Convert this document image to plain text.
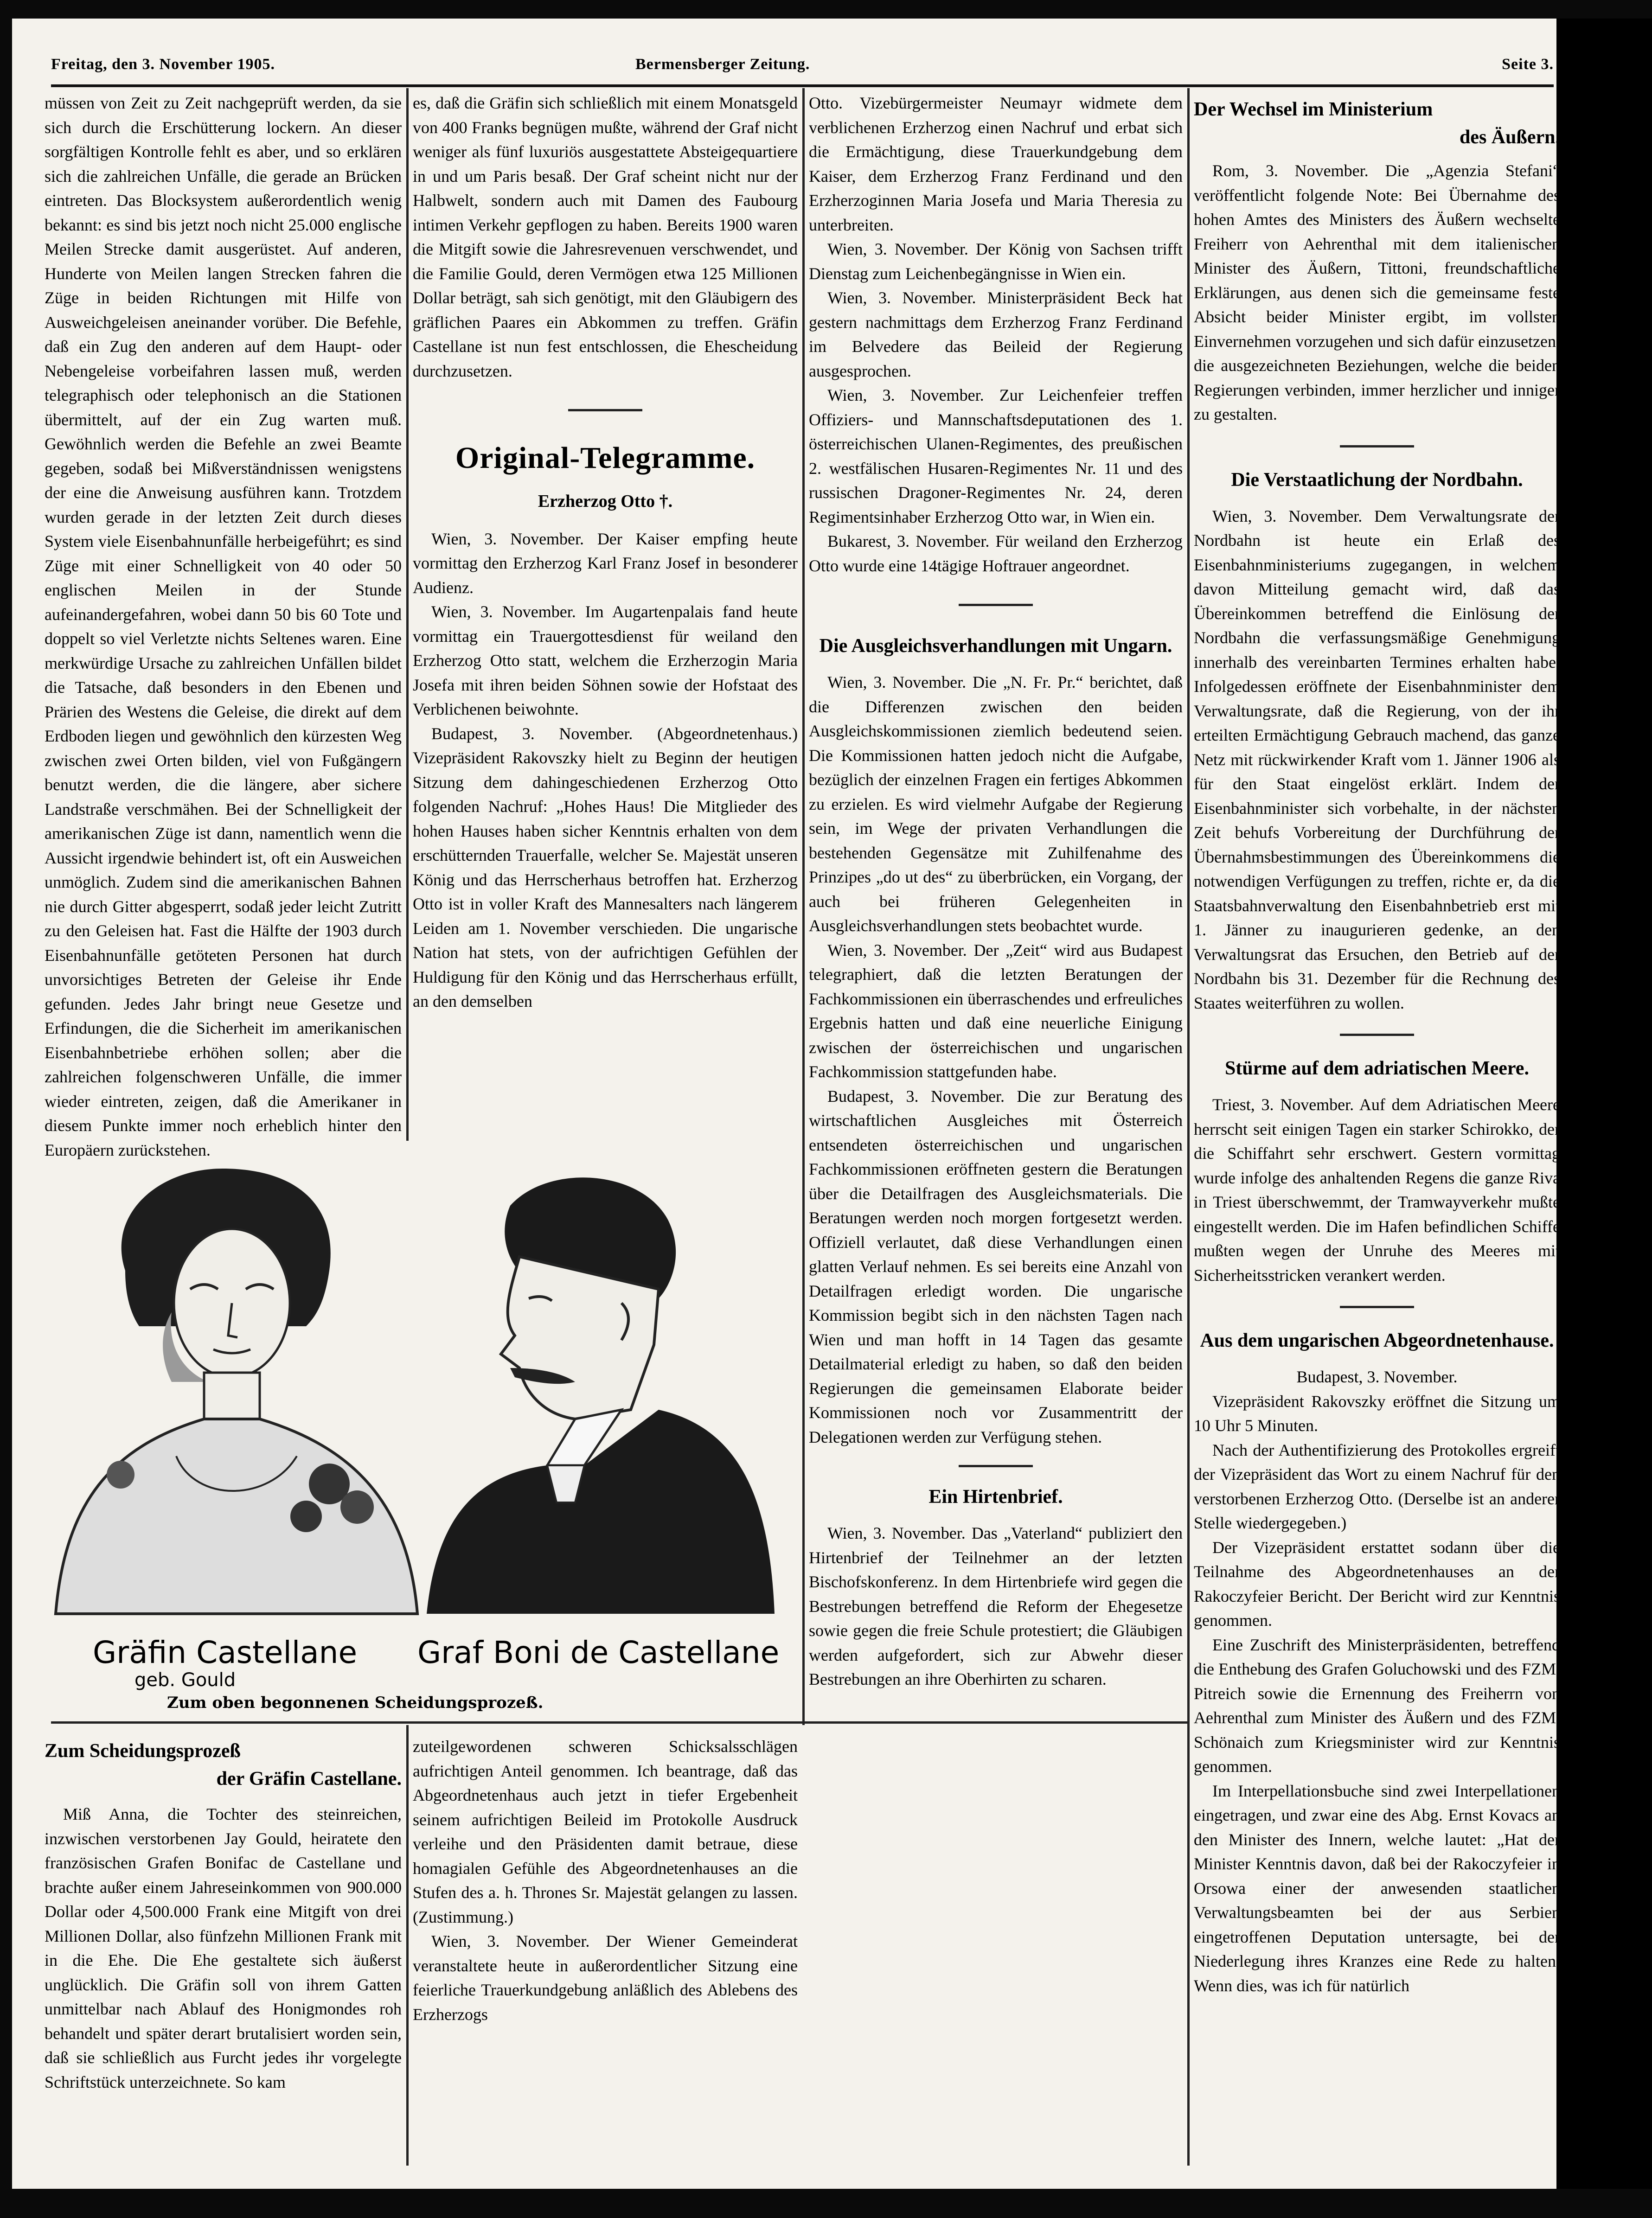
Freitag, den 3. November 1905.	Bermensberger Zeitung.	Seite 3.

müssen von Zeit zu Zeit nachgeprüft werden, da sie sich durch die Erschütterung lockern. An dieser sorgfältigen Kontrolle fehlt es aber, und so erklären sich die zahlreichen Unfälle, die gerade an Brücken eintreten. Das Blocksystem außerordentlich wenig bekannt: es sind bis jetzt noch nicht 25.000 englische Meilen Strecke damit ausgerüstet. Auf anderen, Hunderte von Meilen langen Strecken fahren die Züge in beiden Richtungen mit Hilfe von Ausweichgeleisen aneinander vorüber. Die Befehle, daß ein Zug den anderen auf dem Haupt- oder Nebengeleise vorbeifahren lassen muß, werden telegraphisch oder telephonisch an die Stationen übermittelt, auf der ein Zug warten muß. Gewöhnlich werden die Befehle an zwei Beamte gegeben, sodaß bei Mißverständnissen wenigstens der eine die Anweisung ausführen kann. Trotzdem wurden gerade in der letzten Zeit durch dieses System viele Eisenbahnunfälle herbeigeführt; es sind Züge mit einer Schnelligkeit von 40 oder 50 englischen Meilen in der Stunde aufeinandergefahren, wobei dann 50 bis 60 Tote und doppelt so viel Verletzte nichts Seltenes waren. Eine merkwürdige Ursache zu zahlreichen Unfällen bildet die Tatsache, daß besonders in den Ebenen und Prärien des Westens die Geleise, die direkt auf dem Erdboden liegen und gewöhnlich den kürzesten Weg zwischen zwei Orten bilden, viel von Fußgängern benutzt werden, die die längere, aber sichere Landstraße verschmähen. Bei der Schnelligkeit der amerikanischen Züge ist dann, namentlich wenn die Aussicht irgendwie behindert ist, oft ein Ausweichen unmöglich. Zudem sind die amerikanischen Bahnen nie durch Gitter abgesperrt, sodaß jeder leicht Zutritt zu den Geleisen hat. Fast die Hälfte der 1903 durch Eisenbahnunfälle getöteten Personen hat durch unvorsichtiges Betreten der Geleise ihr Ende gefunden. Jedes Jahr bringt neue Gesetze und Erfindungen, die die Sicherheit im amerikanischen Eisenbahnbetriebe erhöhen sollen; aber die zahlreichen folgenschweren Unfälle, die immer wieder eintreten, zeigen, daß die Amerikaner in diesem Punkte immer noch erheblich hinter den Europäern zurückstehen.

es, daß die Gräfin sich schließlich mit einem Monatsgeld von 400 Franks begnügen mußte, während der Graf nicht weniger als fünf luxuriös ausgestattete Absteigequartiere in und um Paris besaß. Der Graf scheint nicht nur der Halbwelt, sondern auch mit Damen des Faubourg intimen Verkehr gepflogen zu haben. Bereits 1900 waren die Mitgift sowie die Jahresrevenuen verschwendet, und die Familie Gould, deren Vermögen etwa 125 Millionen Dollar beträgt, sah sich genötigt, mit den Gläubigern des gräflichen Paares ein Abkommen zu treffen. Gräfin Castellane ist nun fest entschlossen, die Ehescheidung durchzusetzen.

Original-Telegramme.
Erzherzog Otto †.

Wien, 3. November. Der Kaiser empfing heute vormittag den Erzherzog Karl Franz Josef in besonderer Audienz.

Wien, 3. November. Im Augartenpalais fand heute vormittag ein Trauergottesdienst für weiland den Erzherzog Otto statt, welchem die Erzherzogin Maria Josefa mit ihren beiden Söhnen sowie der Hofstaat des Verblichenen beiwohnte.

Budapest, 3. November. (Abgeordnetenhaus.) Vizepräsident Rakovszky hielt zu Beginn der heutigen Sitzung dem dahingeschiedenen Erzherzog Otto folgenden Nachruf: „Hohes Haus! Die Mitglieder des hohen Hauses haben sicher Kenntnis erhalten von dem erschütternden Trauerfalle, welcher Se. Majestät unseren König und das Herrscherhaus betroffen hat. Erzherzog Otto ist in voller Kraft des Mannesalters nach längerem Leiden am 1. November verschieden. Die ungarische Nation hat stets, von der aufrichtigen Gefühlen der Huldigung für den König und das Herrscherhaus erfüllt, an den demselben

Otto. Vizebürgermeister Neumayr widmete dem verblichenen Erzherzog einen Nachruf und erbat sich die Ermächtigung, diese Trauerkundgebung dem Kaiser, dem Erzherzog Franz Ferdinand und den Erzherzoginnen Maria Josefa und Maria Theresia zu unterbreiten.

Wien, 3. November. Der König von Sachsen trifft Dienstag zum Leichenbegängnisse in Wien ein.

Wien, 3. November. Ministerpräsident Beck hat gestern nachmittags dem Erzherzog Franz Ferdinand im Belvedere das Beileid der Regierung ausgesprochen.

Wien, 3. November. Zur Leichenfeier treffen Offiziers- und Mannschaftsdeputationen des 1. österreichischen Ulanen-Regimentes, des preußischen 2. westfälischen Husaren-Regimentes Nr. 11 und des russischen Dragoner-Regimentes Nr. 24, deren Regimentsinhaber Erzherzog Otto war, in Wien ein.

Bukarest, 3. November. Für weiland den Erzherzog Otto wurde eine 14tägige Hoftrauer angeordnet.

Die Ausgleichsverhandlungen mit Ungarn.

Wien, 3. November. Die „N. Fr. Pr.“ berichtet, daß die Differenzen zwischen den beiden Ausgleichskommissionen ziemlich bedeutend seien. Die Kommissionen hatten jedoch nicht die Aufgabe, bezüglich der einzelnen Fragen ein fertiges Abkommen zu erzielen. Es wird vielmehr Aufgabe der Regierung sein, im Wege der privaten Verhandlungen die bestehenden Gegensätze mit Zuhilfenahme des Prinzipes „do ut des“ zu überbrücken, ein Vorgang, der auch bei früheren Gelegenheiten in Ausgleichsverhandlungen stets beobachtet wurde.

Wien, 3. November. Der „Zeit“ wird aus Budapest telegraphiert, daß die letzten Beratungen der Fachkommissionen ein überraschendes und erfreuliches Ergebnis hatten und daß eine neuerliche Einigung zwischen der österreichischen und ungarischen Fachkommission stattgefunden habe.

Budapest, 3. November. Die zur Beratung des wirtschaftlichen Ausgleiches mit Österreich entsendeten österreichischen und ungarischen Fachkommissionen eröffneten gestern die Beratungen über die Detailfragen des Ausgleichsmaterials. Die Beratungen werden noch morgen fortgesetzt werden. Offiziell verlautet, daß diese Verhandlungen einen glatten Verlauf nehmen. Es sei bereits eine Anzahl von Detailfragen erledigt worden. Die ungarische Kommission begibt sich in den nächsten Tagen nach Wien und man hofft in 14 Tagen das gesamte Detailmaterial erledigt zu haben, so daß den beiden Regierungen die gemeinsamen Elaborate beider Kommissionen noch vor Zusammentritt der Delegationen werden zur Verfügung stehen.

Ein Hirtenbrief.

Wien, 3. November. Das „Vaterland“ publiziert den Hirtenbrief der Teilnehmer an der letzten Bischofskonferenz. In dem Hirtenbriefe wird gegen die Bestrebungen betreffend die Reform der Ehegesetze sowie gegen die freie Schule protestiert; die Gläubigen werden aufgefordert, sich zur Abwehr dieser Bestrebungen an ihre Oberhirten zu scharen.

Der Wechsel im Ministerium
des Äußern.

Rom, 3. November. Die „Agenzia Stefani“ veröffentlicht folgende Note: Bei Übernahme des hohen Amtes des Ministers des Äußern wechselte Freiherr von Aehrenthal mit dem italienischen Minister des Äußern, Tittoni, freundschaftliche Erklärungen, aus denen sich die gemeinsame feste Absicht beider Minister ergibt, im vollsten Einvernehmen vorzugehen und sich dafür einzusetzen, die ausgezeichneten Beziehungen, welche die beiden Regierungen verbinden, immer herzlicher und inniger zu gestalten.

Die Verstaatlichung der Nordbahn.

Wien, 3. November. Dem Verwaltungsrate der Nordbahn ist heute ein Erlaß des Eisenbahnministeriums zugegangen, in welchem davon Mitteilung gemacht wird, daß das Übereinkommen betreffend die Einlösung der Nordbahn die verfassungsmäßige Genehmigung innerhalb des vereinbarten Termines erhalten habe. Infolgedessen eröffnete der Eisenbahnminister dem Verwaltungsrate, daß die Regierung, von der ihr erteilten Ermächtigung Gebrauch machend, das ganze Netz mit rückwirkender Kraft vom 1. Jänner 1906 als für den Staat eingelöst erklärt. Indem der Eisenbahnminister sich vorbehalte, in der nächsten Zeit behufs Vorbereitung der Durchführung der Übernahmsbestimmungen des Übereinkommens die notwendigen Verfügungen zu treffen, richte er, da die Staatsbahnverwaltung den Eisenbahnbetrieb erst mit 1. Jänner zu inaugurieren gedenke, an den Verwaltungsrat das Ersuchen, den Betrieb auf der Nordbahn bis 31. Dezember für die Rechnung des Staates weiterführen zu wollen.

Stürme auf dem adriatischen Meere.

Triest, 3. November. Auf dem Adriatischen Meere herrscht seit einigen Tagen ein starker Schirokko, der die Schiffahrt sehr erschwert. Gestern vormittag wurde infolge des anhaltenden Regens die ganze Riva in Triest überschwemmt, der Tramwayverkehr mußte eingestellt werden. Die im Hafen befindlichen Schiffe mußten wegen der Unruhe des Meeres mit Sicherheitsstricken verankert werden.

Aus dem ungarischen Abgeordnetenhause.

Budapest, 3. November.

Vizepräsident Rakovszky eröffnet die Sitzung um 10 Uhr 5 Minuten.

Nach der Authentifizierung des Protokolles ergreift der Vizepräsident das Wort zu einem Nachruf für den verstorbenen Erzherzog Otto. (Derselbe ist an anderer Stelle wiedergegeben.)

Der Vizepräsident erstattet sodann über die Teilnahme des Abgeordnetenhauses an der Rakoczyfeier Bericht. Der Bericht wird zur Kenntnis genommen.

Eine Zuschrift des Ministerpräsidenten, betreffend die Enthebung des Grafen Goluchowski und des FZM. Pitreich sowie die Ernennung des Freiherrn von Aehrenthal zum Minister des Äußern und des FZM. Schönaich zum Kriegsminister wird zur Kenntnis genommen.

Im Interpellationsbuche sind zwei Interpellationen eingetragen, und zwar eine des Abg. Ernst Kovacs an den Minister des Innern, welche lautet: „Hat der Minister Kenntnis davon, daß bei der Rakoczyfeier in Orsowa einer der anwesenden staatlichen Verwaltungsbeamten bei der aus Serbien eingetroffenen Deputation untersagte, bei der Niederlegung ihres Kranzes eine Rede zu halten. Wenn dies, was ich für natürlich

Gräfin Castellane
geb. Gould
Graf Boni de Castellane
Zum oben begonnenen Scheidungsprozeß.
Zum Scheidungsprozeß
der Gräfin Castellane.

Miß Anna, die Tochter des steinreichen, inzwischen verstorbenen Jay Gould, heiratete den französischen Grafen Bonifac de Castellane und brachte außer einem Jahreseinkommen von 900.000 Dollar oder 4,500.000 Frank eine Mitgift von drei Millionen Dollar, also fünfzehn Millionen Frank mit in die Ehe. Die Ehe gestaltete sich äußerst unglücklich. Die Gräfin soll von ihrem Gatten unmittelbar nach Ablauf des Honigmondes roh behandelt und später derart brutalisiert worden sein, daß sie schließlich aus Furcht jedes ihr vorgelegte Schriftstück unterzeichnete. So kam

zuteilgewordenen schweren Schicksalsschlägen aufrichtigen Anteil genommen. Ich beantrage, daß das Abgeordnetenhaus auch jetzt in tiefer Ergebenheit seinem aufrichtigen Beileid im Protokolle Ausdruck verleihe und den Präsidenten damit betraue, diese homagialen Gefühle des Abgeordnetenhauses an die Stufen des a. h. Thrones Sr. Majestät gelangen zu lassen. (Zustimmung.)

Wien, 3. November. Der Wiener Gemeinderat veranstaltete heute in außerordentlicher Sitzung eine feierliche Trauerkundgebung anläßlich des Ablebens des Erzherzogs
